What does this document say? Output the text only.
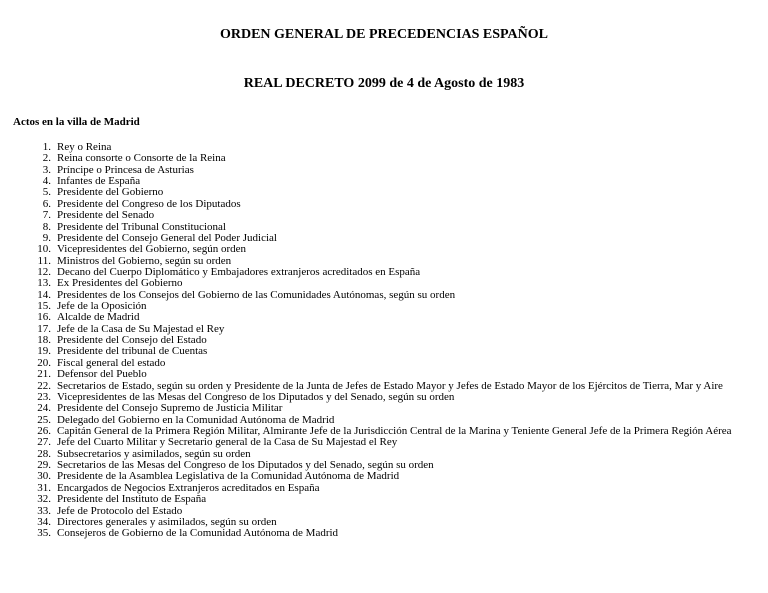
ORDEN GENERAL DE PRECEDENCIAS ESPAÑOL
REAL DECRETO 2099 de 4 de Agosto de 1983
Actos en la villa de Madrid
1. Rey o Reina
2. Reina consorte o Consorte de la Reina
3. Príncipe o Princesa de Asturias
4. Infantes de España
5. Presidente del Gobierno
6. Presidente del Congreso de los Diputados
7. Presidente del Senado
8. Presidente del Tribunal Constitucional
9. Presidente del Consejo General del Poder Judicial
10. Vicepresidentes del Gobierno, según orden
11. Ministros del Gobierno, según su orden
12. Decano del Cuerpo Diplomático y Embajadores extranjeros acreditados en España
13. Ex Presidentes del Gobierno
14. Presidentes de los Consejos del Gobierno de las Comunidades Autónomas, según su orden
15. Jefe de la Oposición
16. Alcalde de Madrid
17. Jefe de la Casa de Su Majestad el Rey
18. Presidente del Consejo del Estado
19. Presidente del tribunal de Cuentas
20. Fiscal general del estado
21. Defensor del Pueblo
22. Secretarios de Estado, según su orden y Presidente de la Junta de Jefes de Estado Mayor y Jefes de Estado Mayor de los Ejércitos de Tierra, Mar y Aire
23. Vicepresidentes de las Mesas del Congreso de los Diputados y del Senado, según su orden
24. Presidente del Consejo Supremo de Justicia Militar
25. Delegado del Gobierno en la Comunidad Autónoma de Madrid
26. Capitán General de la Primera Región Militar, Almirante Jefe de la Jurisdicción Central de la Marina y Teniente General Jefe de la Primera Región Aérea
27. Jefe del Cuarto Militar y Secretario general de la Casa de Su Majestad el Rey
28. Subsecretarios y asimilados, según su orden
29. Secretarios de las Mesas del Congreso de los Diputados y del Senado, según su orden
30. Presidente de la Asamblea Legislativa de la Comunidad Autónoma de Madrid
31. Encargados de Negocios Extranjeros acreditados en España
32. Presidente del Instituto de España
33. Jefe de Protocolo del Estado
34. Directores generales y asimilados, según su orden
35. Consejeros de Gobierno de la Comunidad Autónoma de Madrid
